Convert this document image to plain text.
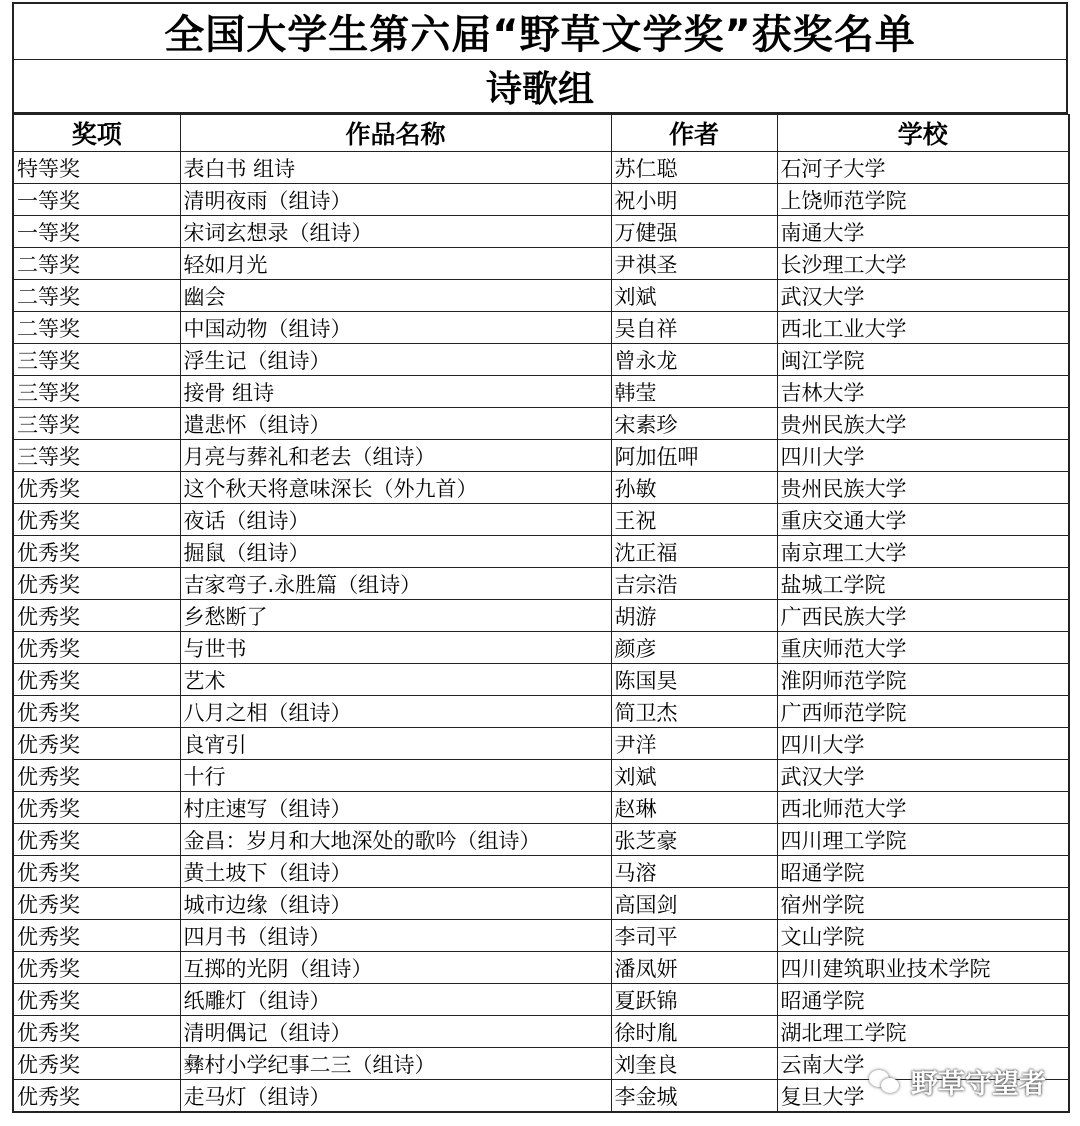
全国大学生第六届“野草文学奖”获奖名单
诗歌组
奖项	作品名称	作者	学校
特等奖	表白书 组诗	苏仁聪	石河子大学
一等奖	清明夜雨（组诗）	祝小明	上饶师范学院
一等奖	宋词玄想录（组诗）	万健强	南通大学
二等奖	轻如月光	尹祺圣	长沙理工大学
二等奖	幽会	刘斌	武汉大学
二等奖	中国动物（组诗）	吴自祥	西北工业大学
三等奖	浮生记（组诗）	曾永龙	闽江学院
三等奖	接骨 组诗	韩莹	吉林大学
三等奖	遣悲怀（组诗）	宋素珍	贵州民族大学
三等奖	月亮与葬礼和老去（组诗）	阿加伍呷	四川大学
优秀奖	这个秋天将意味深长（外九首）	孙敏	贵州民族大学
优秀奖	夜话（组诗）	王祝	重庆交通大学
优秀奖	掘鼠（组诗）	沈正福	南京理工大学
优秀奖	吉家弯子.永胜篇（组诗）	吉宗浩	盐城工学院
优秀奖	乡愁断了	胡游	广西民族大学
优秀奖	与世书	颜彦	重庆师范大学
优秀奖	艺术	陈国昊	淮阴师范学院
优秀奖	八月之相（组诗）	简卫杰	广西师范学院
优秀奖	良宵引	尹洋	四川大学
优秀奖	十行	刘斌	武汉大学
优秀奖	村庄速写（组诗）	赵琳	西北师范大学
优秀奖	金昌：岁月和大地深处的歌吟（组诗）	张芝豪	四川理工学院
优秀奖	黄土坡下（组诗）	马溶	昭通学院
优秀奖	城市边缘（组诗）	高国剑	宿州学院
优秀奖	四月书（组诗）	李司平	文山学院
优秀奖	互掷的光阴（组诗）	潘凤妍	四川建筑职业技术学院
优秀奖	纸雕灯（组诗）	夏跃锦	昭通学院
优秀奖	清明偶记（组诗）	徐时胤	湖北理工学院
优秀奖	彝村小学纪事二三（组诗）	刘奎良	云南大学
优秀奖	走马灯（组诗）	李金城	复旦大学 野草守望者
